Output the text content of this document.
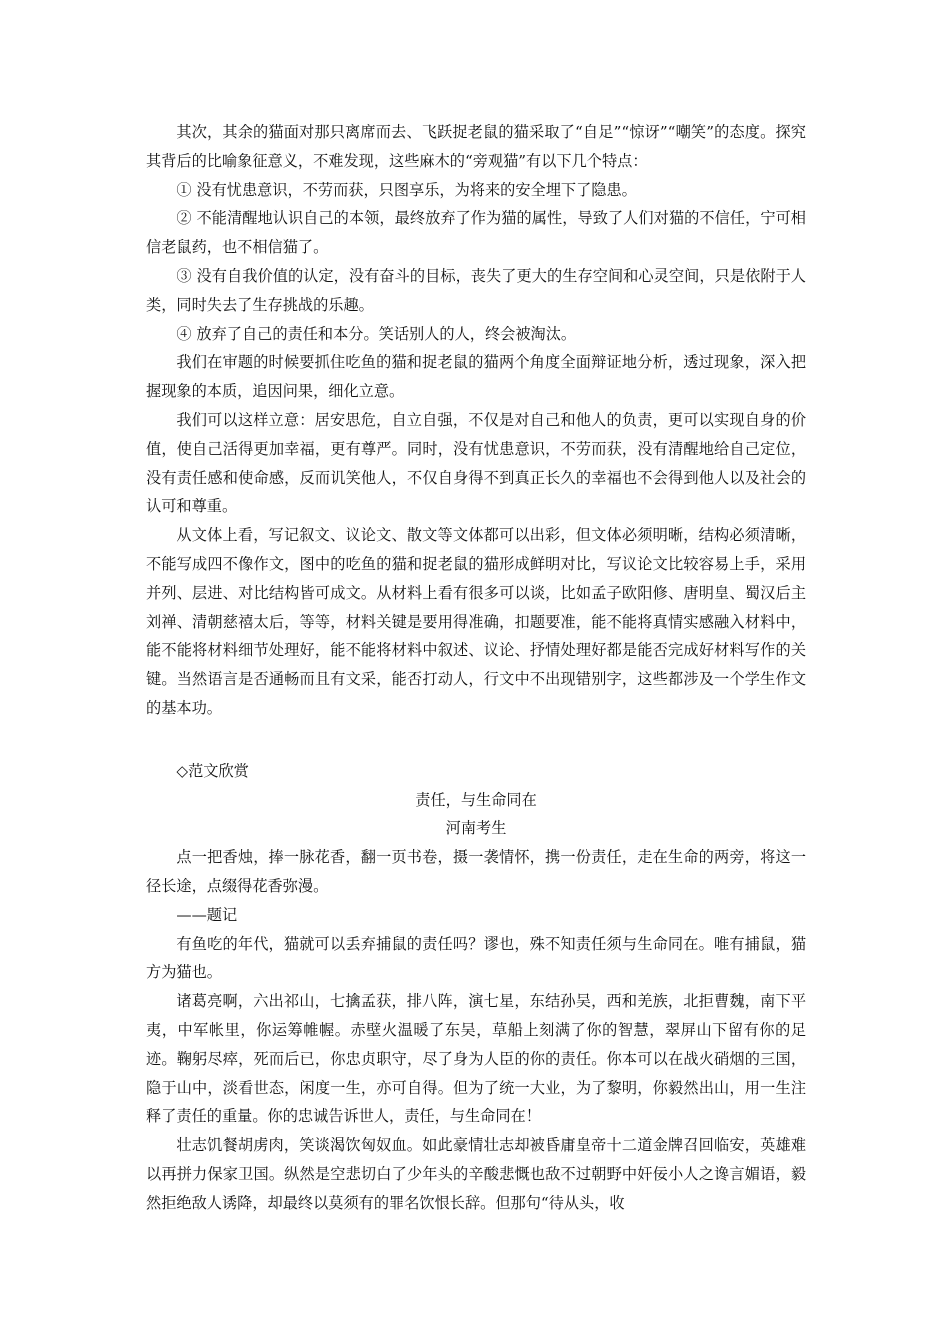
其次，其余的猫面对那只离席而去、飞跃捉老鼠的猫采取了“自足”“惊讶”“嘲笑”的态度。探究其背后的比喻象征意义，不难发现，这些麻木的“旁观猫”有以下几个特点：

① 没有忧患意识，不劳而获，只图享乐，为将来的安全埋下了隐患。

② 不能清醒地认识自己的本领，最终放弃了作为猫的属性，导致了人们对猫的不信任，宁可相信老鼠药，也不相信猫了。

③ 没有自我价值的认定，没有奋斗的目标，丧失了更大的生存空间和心灵空间，只是依附于人类，同时失去了生存挑战的乐趣。

④ 放弃了自己的责任和本分。笑话别人的人，终会被淘汰。

我们在审题的时候要抓住吃鱼的猫和捉老鼠的猫两个角度全面辩证地分析，透过现象，深入把握现象的本质，追因问果，细化立意。

我们可以这样立意：居安思危，自立自强，不仅是对自己和他人的负责，更可以实现自身的价值，使自己活得更加幸福，更有尊严。同时，没有忧患意识，不劳而获，没有清醒地给自己定位，没有责任感和使命感，反而讥笑他人，不仅自身得不到真正长久的幸福也不会得到他人以及社会的认可和尊重。

从文体上看，写记叙文、议论文、散文等文体都可以出彩，但文体必须明晰，结构必须清晰，不能写成四不像作文，图中的吃鱼的猫和捉老鼠的猫形成鲜明对比，写议论文比较容易上手，采用并列、层进、对比结构皆可成文。从材料上看有很多可以谈，比如孟子欧阳修、唐明皇、蜀汉后主刘禅、清朝慈禧太后，等等，材料关键是要用得准确，扣题要准，能不能将真情实感融入材料中，能不能将材料细节处理好，能不能将材料中叙述、议论、抒情处理好都是能否完成好材料写作的关键。当然语言是否通畅而且有文采，能否打动人，行文中不出现错别字，这些都涉及一个学生作文的基本功。

◇范文欣赏

责任，与生命同在

河南考生

点一把香烛，捧一脉花香，翻一页书卷，摄一袭情怀，携一份责任，走在生命的两旁，将这一径长途，点缀得花香弥漫。

——题记

有鱼吃的年代，猫就可以丢弃捕鼠的责任吗？谬也，殊不知责任须与生命同在。唯有捕鼠，猫方为猫也。

诸葛亮啊，六出祁山，七擒孟获，排八阵，演七星，东结孙吴，西和羌族，北拒曹魏，南下平夷，中军帐里，你运筹帷幄。赤壁火温暖了东吴，草船上刻满了你的智慧，翠屏山下留有你的足迹。鞠躬尽瘁，死而后已，你忠贞职守，尽了身为人臣的你的责任。你本可以在战火硝烟的三国，隐于山中，淡看世态，闲度一生，亦可自得。但为了统一大业，为了黎明，你毅然出山，用一生注释了责任的重量。你的忠诚告诉世人，责任，与生命同在！

壮志饥餐胡虏肉，笑谈渴饮匈奴血。如此豪情壮志却被昏庸皇帝十二道金牌召回临安，英雄难以再拼力保家卫国。纵然是空悲切白了少年头的辛酸悲慨也敌不过朝野中奸佞小人之谗言媚语，毅然拒绝敌人诱降，却最终以莫须有的罪名饮恨长辞。但那句“待从头，收
